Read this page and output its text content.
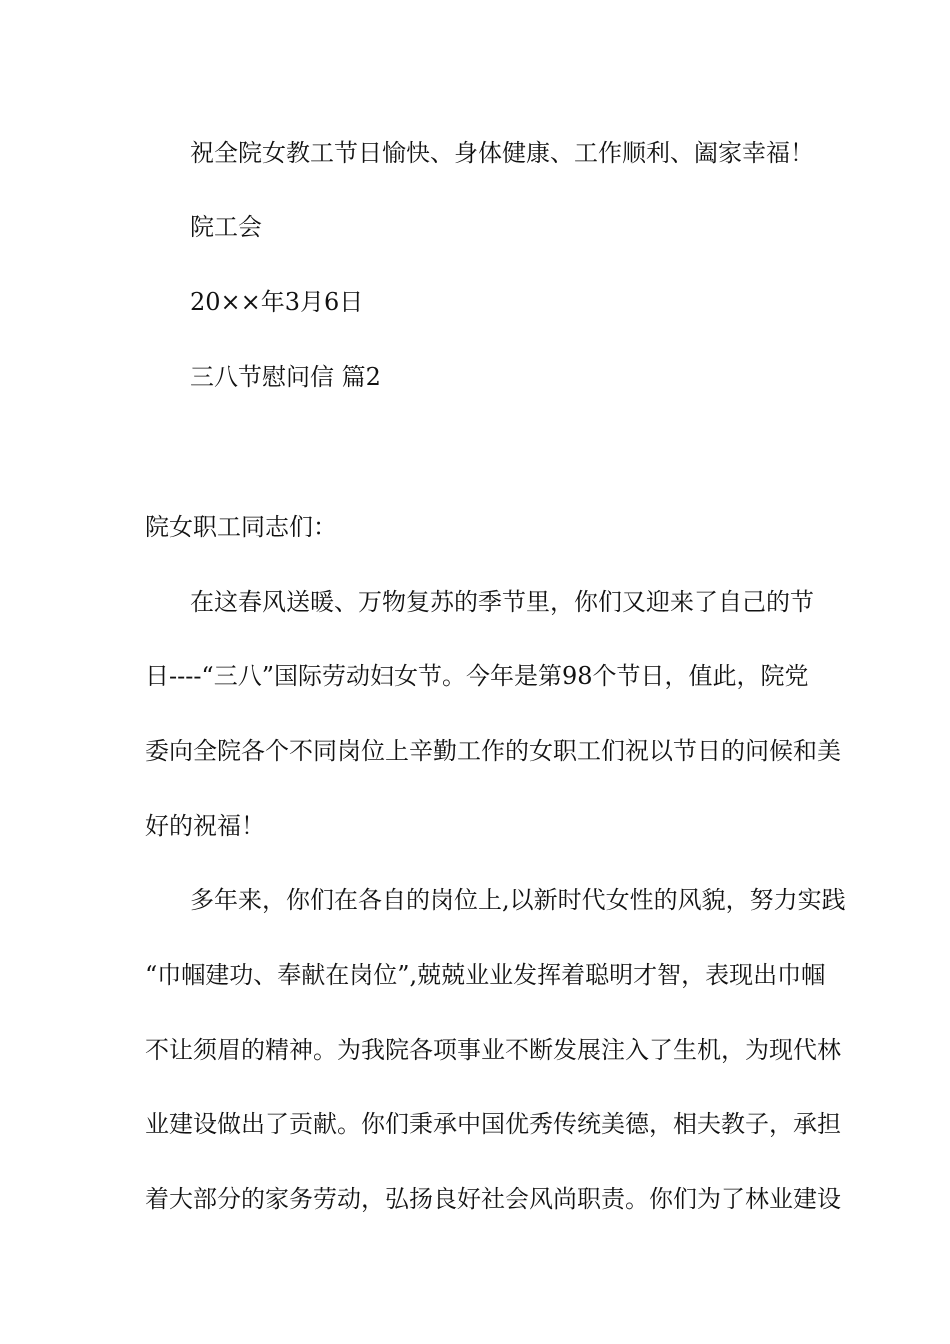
祝全院女教工节日愉快、身体健康、工作顺利、阖家幸福！
院工会
20××年3月6日
三八节慰问信 篇2
院女职工同志们：
在这春风送暖、万物复苏的季节里，你们又迎来了自己的节
日----“三八”国际劳动妇女节。今年是第98个节日，值此，院党
委向全院各个不同岗位上辛勤工作的女职工们祝以节日的问候和美
好的祝福！
多年来，你们在各自的岗位上,以新时代女性的风貌，努力实践
“巾帼建功、奉献在岗位”,兢兢业业发挥着聪明才智，表现出巾帼
不让须眉的精神。为我院各项事业不断发展注入了生机，为现代林
业建设做出了贡献。你们秉承中国优秀传统美德，相夫教子，承担
着大部分的家务劳动，弘扬良好社会风尚职责。你们为了林业建设
